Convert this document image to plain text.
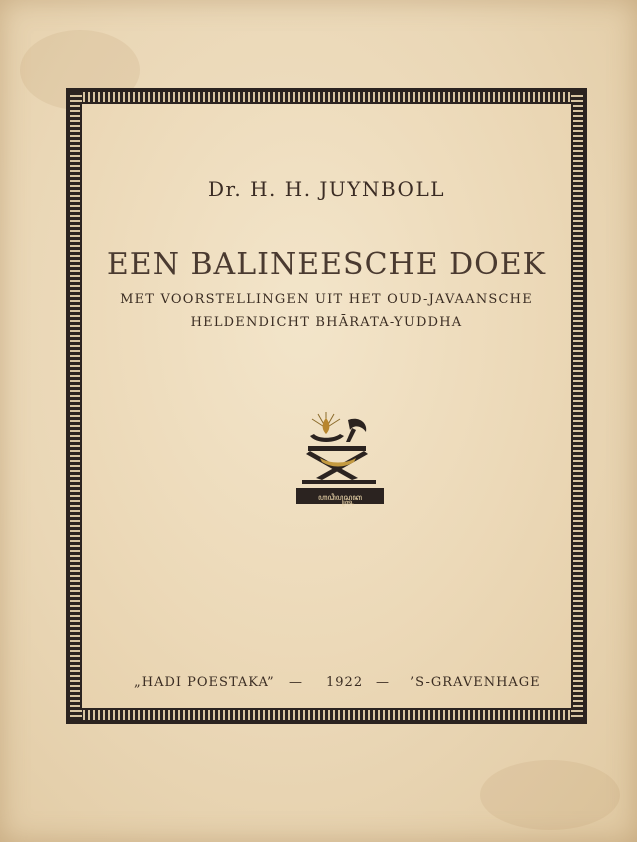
Dr. H. H. JUYNBOLL
EEN BALINEESCHE DOEK
MET VOORSTELLINGEN UIT HET OUD-JAVAANSCHE
HELDENDICHT BHĀRATA-YUDDHA
ꦲꦣꦶꦥꦸꦱ꧀ꦠꦏ
„HADI POESTAKA” — 1922 — ’S-GRAVENHAGE
